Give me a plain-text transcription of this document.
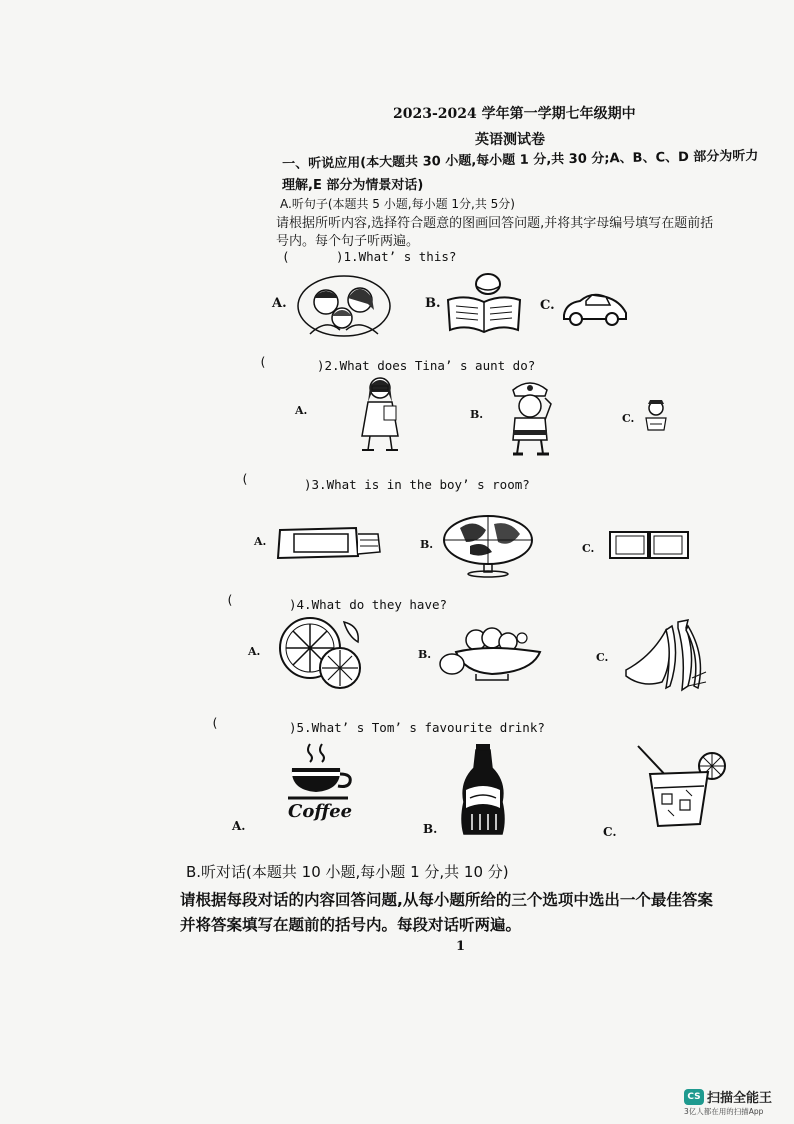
2023-2024 学年第一学期七年级期中
英语测试卷
一、听说应用(本大题共 30 小题,每小题 1 分,共 30 分;A、B、C、D 部分为听力
理解,E 部分为情景对话)
A.听句子(本题共 5 小题,每小题 1分,共 5分)
请根据所听内容,选择符合题意的图画回答问题,并将其字母编号填写在题前括
号内。每个句子听两遍。
(	)1.What’ s this?
A.	B.	C.
(	)2.What does Tina’ s aunt do?
A.	B.	C.
(	)3.What is in the boy’ s room?
A.	B.	C.
(	)4.What do they have?
A.	B.	C.
(	)5.What’ s Tom’ s favourite drink?
A.	B.	C.
Coffee
B.听对话(本题共 10 小题,每小题 1 分,共 10 分)
请根据每段对话的内容回答问题,从每小题所给的三个选项中选出一个最佳答案
并将答案填写在题前的括号内。每段对话听两遍。
1
CS 扫描全能王
3亿人都在用的扫描App
